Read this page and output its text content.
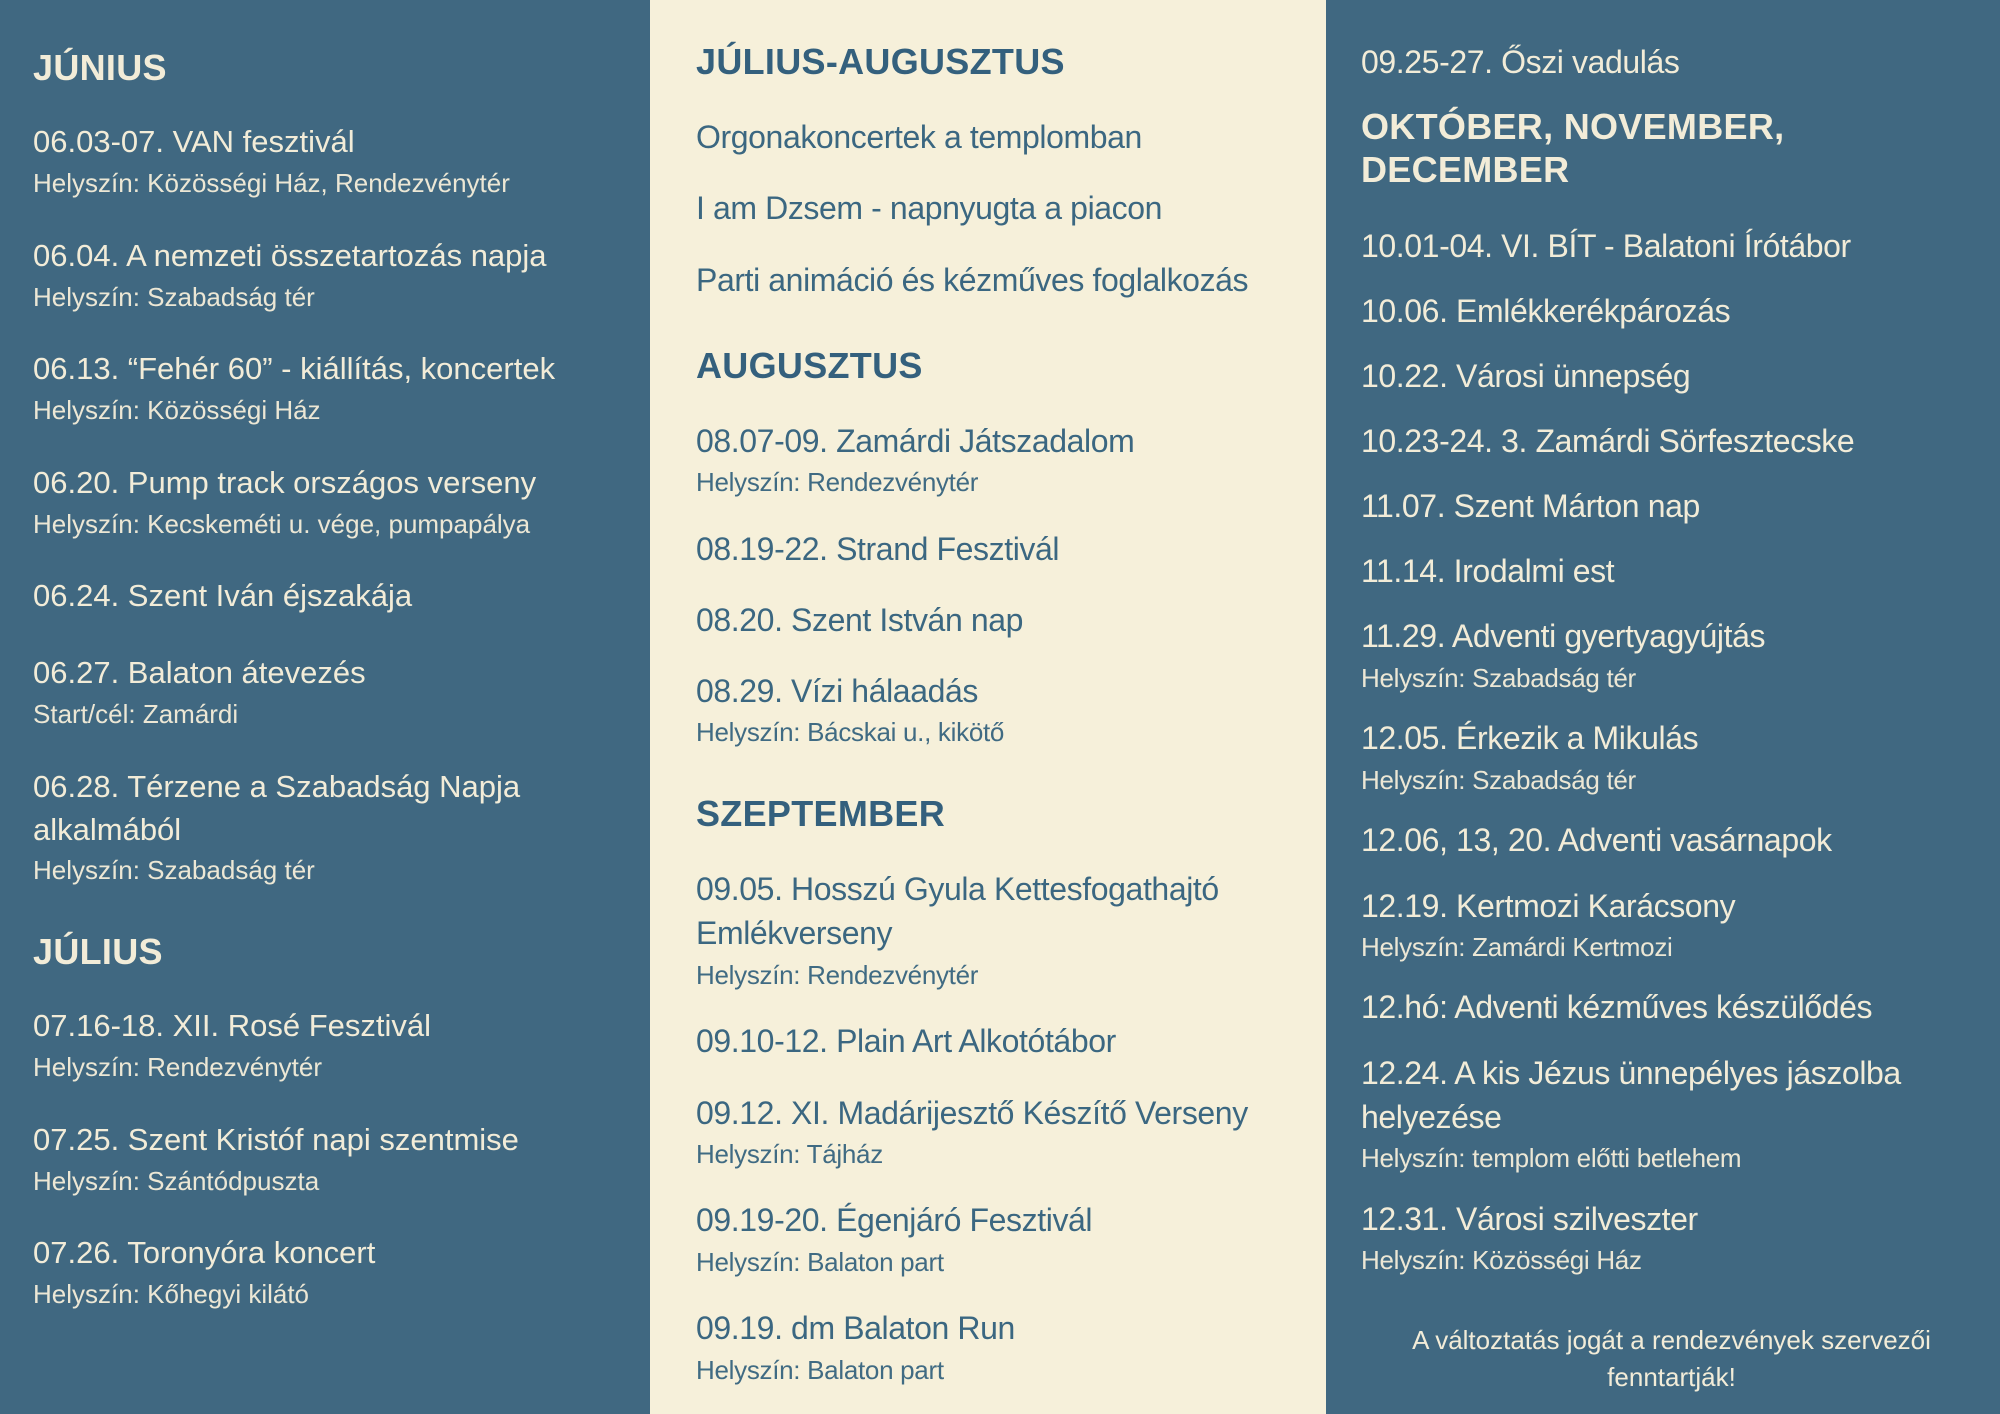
JÚNIUS
06.03-07. VAN fesztivál
Helyszín: Közösségi Ház, Rendezvénytér
06.04. A nemzeti összetartozás napja
Helyszín: Szabadság tér
06.13. “Fehér 60” - kiállítás, koncertek
Helyszín: Közösségi Ház
06.20. Pump track országos verseny
Helyszín: Kecskeméti u. vége, pumpapálya
06.24. Szent Iván éjszakája
06.27. Balaton átevezés
Start/cél: Zamárdi
06.28. Térzene a Szabadság Napja alkalmából
Helyszín: Szabadság tér
JÚLIUS
07.16-18. XII. Rosé Fesztivál
Helyszín: Rendezvénytér
07.25. Szent Kristóf napi szentmise
Helyszín: Szántódpuszta
07.26. Toronyóra koncert
Helyszín: Kőhegyi kilátó
JÚLIUS-AUGUSZTUS
Orgonakoncertek a templomban
I am Dzsem - napnyugta a piacon
Parti animáció és kézműves foglalkozás
AUGUSZTUS
08.07-09. Zamárdi Játszadalom
Helyszín: Rendezvénytér
08.19-22. Strand Fesztivál
08.20. Szent István nap
08.29. Vízi hálaadás
Helyszín: Bácskai u., kikötő
SZEPTEMBER
09.05. Hosszú Gyula Kettesfogathajtó Emlékverseny
Helyszín: Rendezvénytér
09.10-12. Plain Art Alkotótábor
09.12. XI. Madárijesztő Készítő Verseny
Helyszín: Tájház
09.19-20. Égenjáró Fesztivál
Helyszín: Balaton part
09.19. dm Balaton Run
Helyszín: Balaton part
09.25-27. Őszi vadulás
OKTÓBER, NOVEMBER, DECEMBER
10.01-04. VI. BÍT - Balatoni Írótábor
10.06. Emlékkerékpározás
10.22. Városi ünnepség
10.23-24. 3. Zamárdi Sörfesztecske
11.07. Szent Márton nap
11.14. Irodalmi est
11.29. Adventi gyertyagyújtás
Helyszín: Szabadság tér
12.05. Érkezik a Mikulás
Helyszín: Szabadság tér
12.06, 13, 20. Adventi vasárnapok
12.19. Kertmozi Karácsony
Helyszín: Zamárdi Kertmozi
12.hó: Adventi kézműves készülődés
12.24. A kis Jézus ünnepélyes jászolba helyezése
Helyszín: templom előtti betlehem
12.31. Városi szilveszter
Helyszín: Közösségi Ház

A változtatás jogát a rendezvények szervezői fenntartják!
